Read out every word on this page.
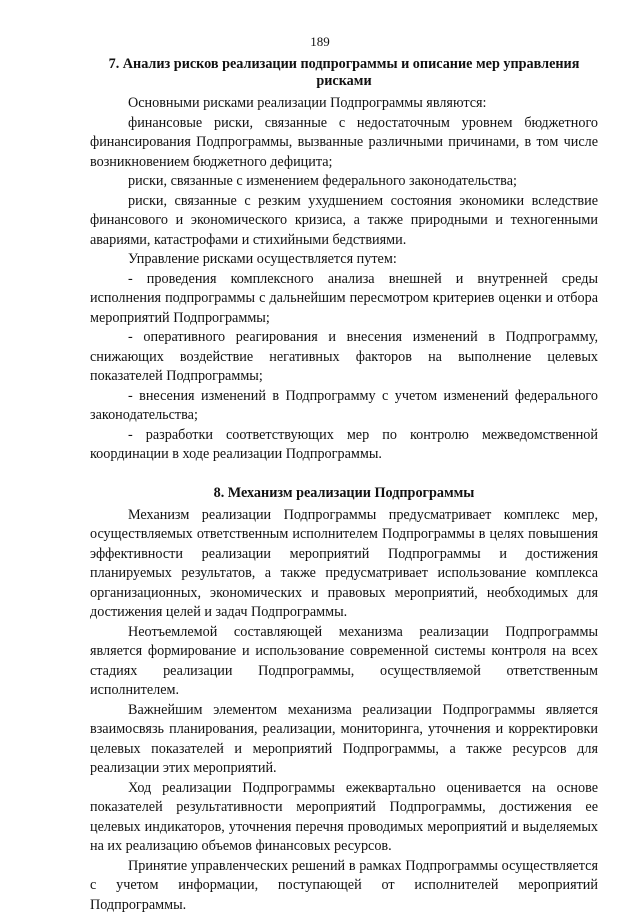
189
7. Анализ рисков реализации подпрограммы и описание мер управления рисками

Основными рисками реализации Подпрограммы являются:

финансовые риски, связанные с недостаточным уровнем бюджетного финансирования Подпрограммы, вызванные различными причинами, в том числе возникновением бюджетного дефицита;

риски, связанные с изменением федерального законодательства;

риски, связанные с резким ухудшением состояния экономики вследствие финансового и экономического кризиса, а также природными и техногенными авариями, катастрофами и стихийными бедствиями.

Управление рисками осуществляется путем:

- проведения комплексного анализа внешней и внутренней среды исполнения подпрограммы с дальнейшим пересмотром критериев оценки и отбора мероприятий Подпрограммы;

- оперативного реагирования и внесения изменений в Подпрограмму, снижающих воздействие негативных факторов на выполнение целевых показателей Подпрограммы;

- внесения изменений в Подпрограмму с учетом изменений федерального законодательства;

- разработки соответствующих мер по контролю межведомственной координации в ходе реализации Подпрограммы.

8. Механизм реализации Подпрограммы

Механизм реализации Подпрограммы предусматривает комплекс мер, осуществляемых ответственным исполнителем Подпрограммы в целях повышения эффективности реализации мероприятий Подпрограммы и достижения планируемых результатов, а также предусматривает использование комплекса организационных, экономических и правовых мероприятий, необходимых для достижения целей и задач Подпрограммы.

Неотъемлемой составляющей механизма реализации Подпрограммы является формирование и использование современной системы контроля на всех стадиях реализации Подпрограммы, осуществляемой ответственным исполнителем.

Важнейшим элементом механизма реализации Подпрограммы является взаимосвязь планирования, реализации, мониторинга, уточнения и корректировки целевых показателей и мероприятий Подпрограммы, а также ресурсов для реализации этих мероприятий.

Ход реализации Подпрограммы ежеквартально оценивается на основе показателей результативности мероприятий Подпрограммы, достижения ее целевых индикаторов, уточнения перечня проводимых мероприятий и выделяемых на их реализацию объемов финансовых ресурсов.

Принятие управленческих решений в рамках Подпрограммы осуществляется с учетом информации, поступающей от исполнителей мероприятий Подпрограммы.
